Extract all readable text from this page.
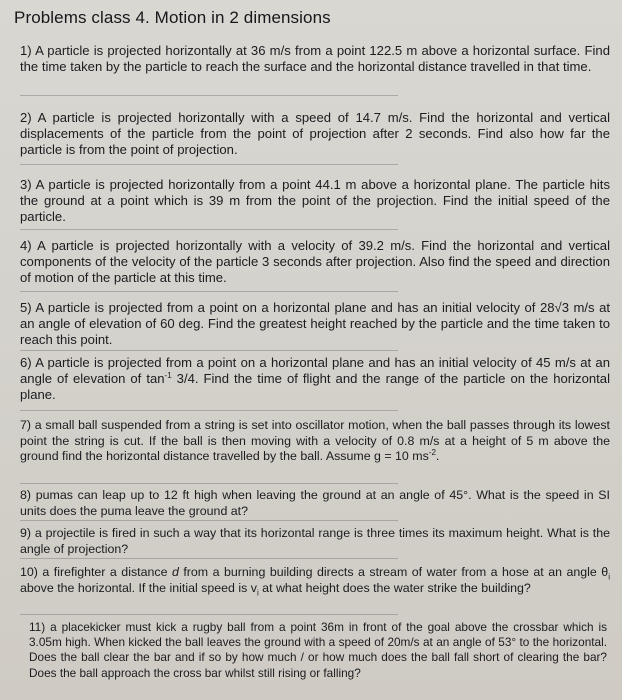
Problems class 4. Motion in 2 dimensions
1) A particle is projected horizontally at 36 m/s from a point 122.5 m above a horizontal surface. Find the time taken by the particle to reach the surface and the horizontal distance travelled in that time.
2) A particle is projected horizontally with a speed of 14.7 m/s. Find the horizontal and vertical displacements of the particle from the point of projection after 2 seconds. Find also how far the particle is from the point of projection.
3) A particle is projected horizontally from a point 44.1 m above a horizontal plane. The particle hits the ground at a point which is 39 m from the point of the projection. Find the initial speed of the particle.
4) A particle is projected horizontally with a velocity of 39.2 m/s. Find the horizontal and vertical components of the velocity of the particle 3 seconds after projection. Also find the speed and direction of motion of the particle at this time.
5) A particle is projected from a point on a horizontal plane and has an initial velocity of 28√3 m/s at an angle of elevation of 60 deg. Find the greatest height reached by the particle and the time taken to reach this point.
6) A particle is projected from a point on a horizontal plane and has an initial velocity of 45 m/s at an angle of elevation of $\tan^{-1} 3/4$. Find the time of flight and the range of the particle on the horizontal plane.
7) a small ball suspended from a string is set into oscillator motion, when the ball passes through its lowest point the string is cut. If the ball is then moving with a velocity of 0.8 m/s at a height of 5 m above the ground find the horizontal distance travelled by the ball. Assume g = 10 $ms^{-2}$.
8) pumas can leap up to 12 ft high when leaving the ground at an angle of 45°. What is the speed in SI units does the puma leave the ground at?
9) a projectile is fired in such a way that its horizontal range is three times its maximum height. What is the angle of projection?
10) a firefighter a distance d from a burning building directs a stream of water from a hose at an angle $\theta_i$ above the horizontal. If the initial speed is $v_i$ at what height does the water strike the building?
11) a placekicker must kick a rugby ball from a point 36m in front of the goal above the crossbar which is 3.05m high. When kicked the ball leaves the ground with a speed of 20m/s at an angle of 53° to the horizontal. Does the ball clear the bar and if so by how much / or how much does the ball fall short of clearing the bar? Does the ball approach the cross bar whilst still rising or falling?
